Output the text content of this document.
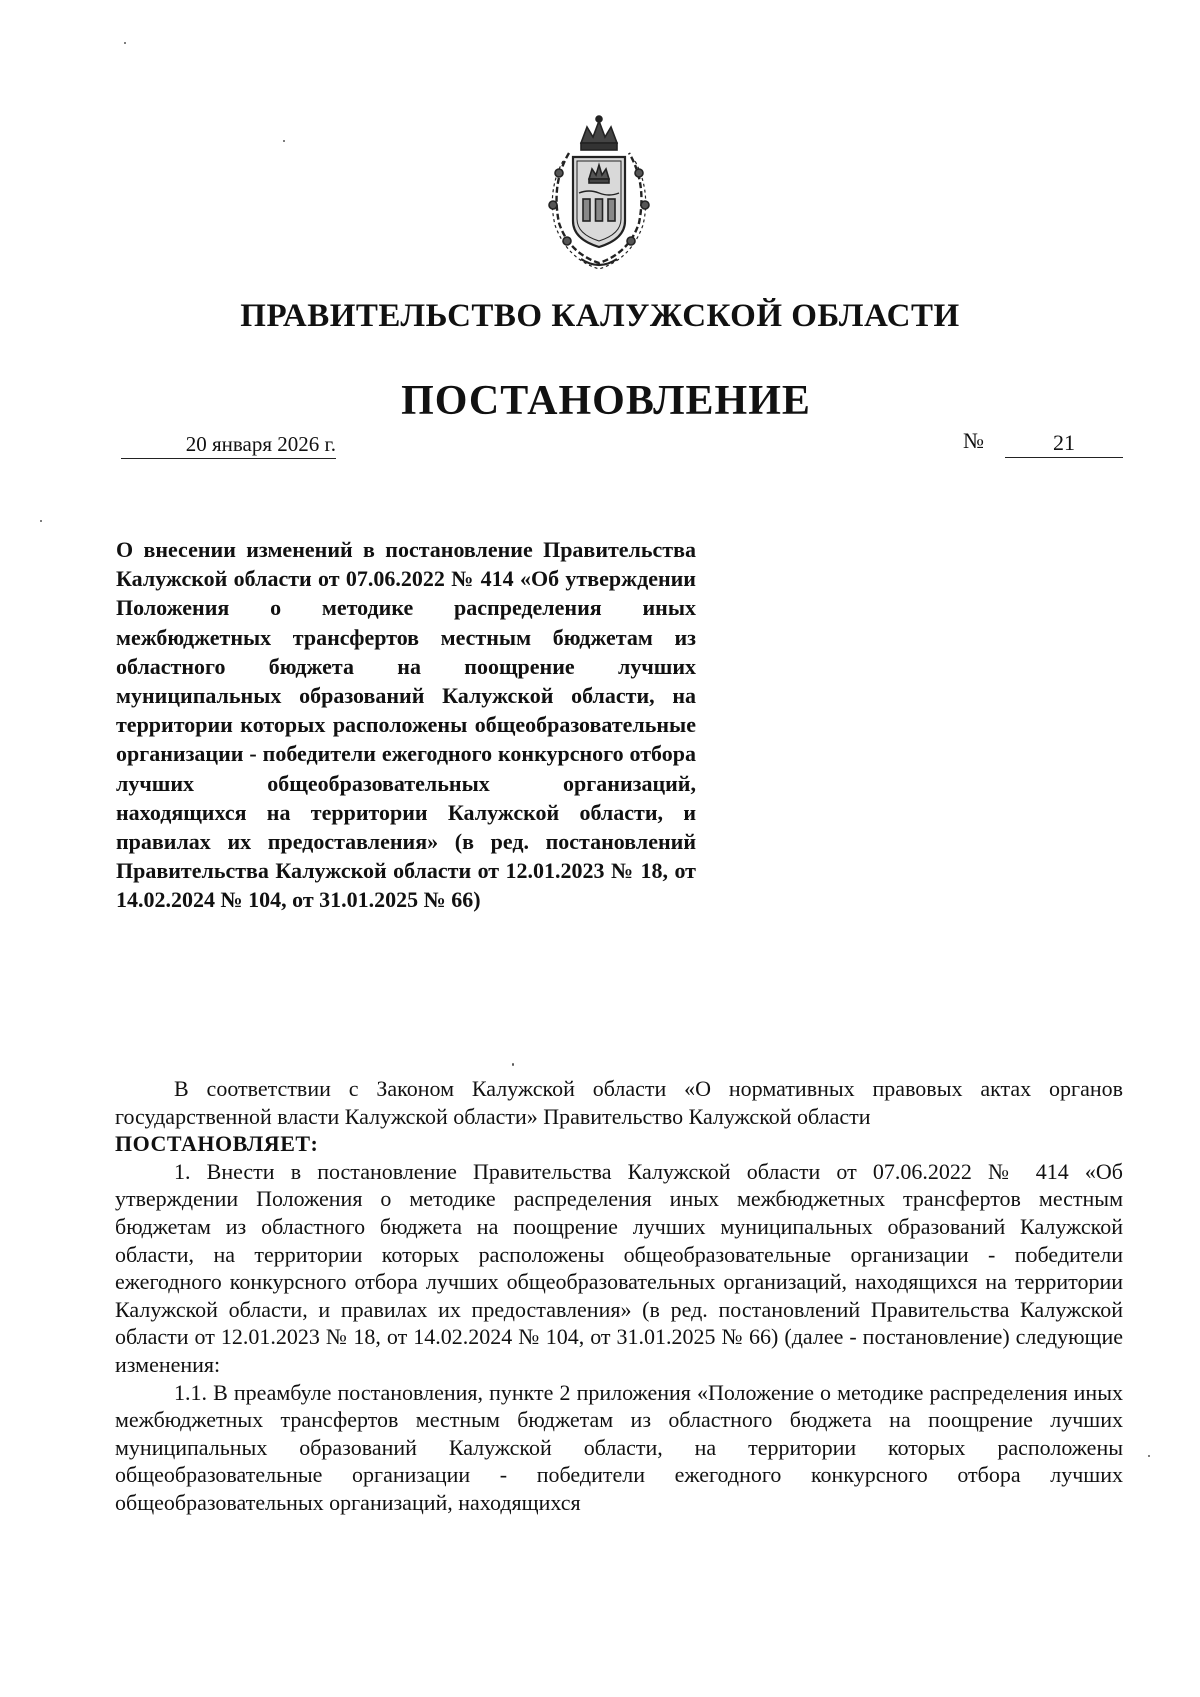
ПРАВИТЕЛЬСТВО КАЛУЖСКОЙ ОБЛАСТИ
ПОСТАНОВЛЕНИЕ
20 января 2026 г.	№	21
О внесении изменений в постановление Правительства Калужской области от 07.06.2022 № 414 «Об утверждении Положения о методике распределения иных межбюджетных трансфертов местным бюджетам из областного бюджета на поощрение лучших муниципальных образований Калужской области, на территории которых расположены общеобразовательные организации - победители ежегодного конкурсного отбора лучших общеобразовательных организаций, находящихся на территории Калужской области, и правилах их предоставления» (в ред. постановлений Правительства Калужской области от 12.01.2023 № 18, от 14.02.2024 № 104, от 31.01.2025 № 66)

В соответствии с Законом Калужской области «О нормативных правовых актах органов государственной власти Калужской области» Правительство Калужской области

ПОСТАНОВЛЯЕТ:

1. Внести в постановление Правительства Калужской области от 07.06.2022 № 414 «Об утверждении Положения о методике распределения иных межбюджетных трансфертов местным бюджетам из областного бюджета на поощрение лучших муниципальных образований Калужской области, на территории которых расположены общеобразовательные организации - победители ежегодного конкурсного отбора лучших общеобразовательных организаций, находящихся на территории Калужской области, и правилах их предоставления» (в ред. постановлений Правительства Калужской области от 12.01.2023 № 18, от 14.02.2024 № 104, от 31.01.2025 № 66) (далее - постановление) следующие изменения:

1.1. В преамбуле постановления, пункте 2 приложения «Положение о методике распределения иных межбюджетных трансфертов местным бюджетам из областного бюджета на поощрение лучших муниципальных образований Калужской области, на территории которых расположены общеобразовательные организации - победители ежегодного конкурсного отбора лучших общеобразовательных организаций, находящихся
